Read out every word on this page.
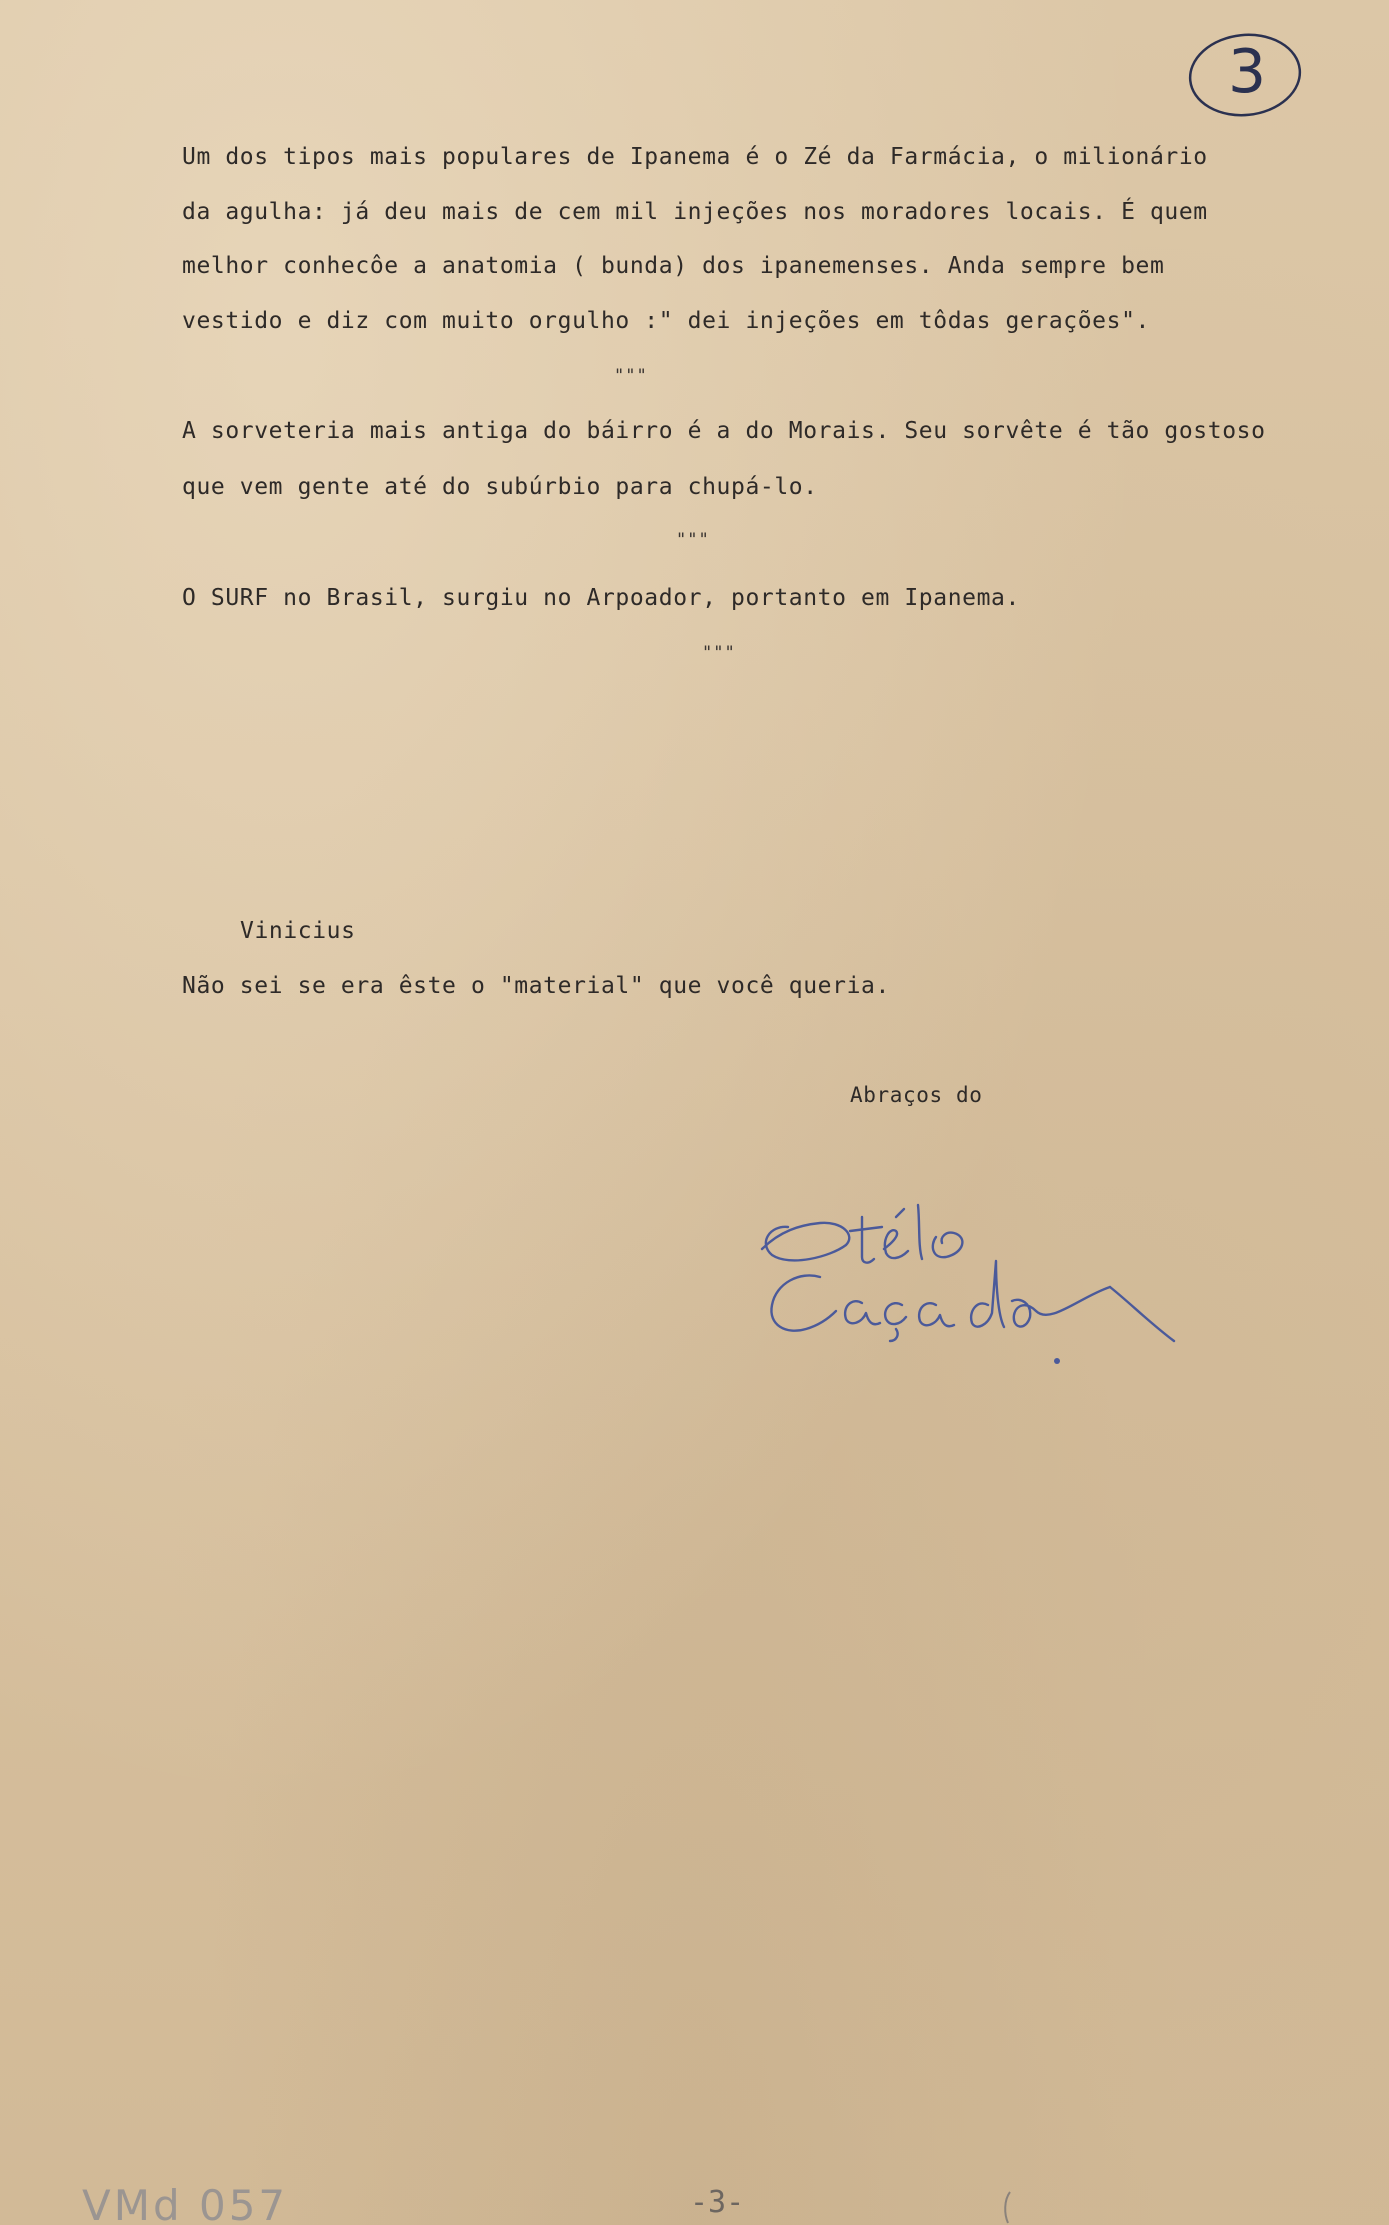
3
Um dos tipos mais populares de Ipanema é o Zé da Farmácia, o milionário
da agulha: já deu mais de cem mil injeções nos moradores locais. É quem
melhor conhecôe a anatomia ( bunda) dos ipanemenses. Anda sempre bem
vestido e diz com muito orgulho :" dei injeções em tôdas gerações".
"""
A sorveteria mais antiga do báirro é a do Morais. Seu sorvête é tão gostoso
que vem gente até do subúrbio para chupá-lo.
"""
O SURF no Brasil, surgiu no Arpoador, portanto em Ipanema.
"""
Vinicius
Não sei se era êste o "material" que você queria.
Abraços do
VMd 057	-3-
